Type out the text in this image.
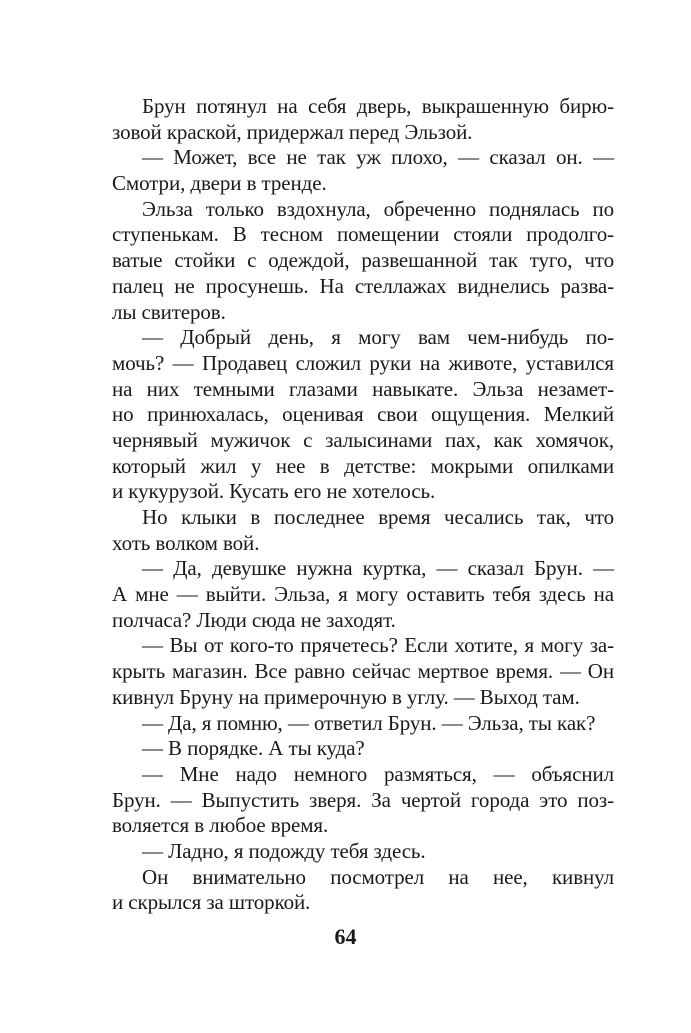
Брун потянул на себя дверь, выкрашенную бирю-
зовой краской, придержал перед Эльзой.
— Может, все не так уж плохо, — сказал он. —
Смотри, двери в тренде.
Эльза только вздохнула, обреченно поднялась по
ступенькам. В тесном помещении стояли продолго-
ватые стойки с одеждой, развешанной так туго, что
палец не просунешь. На стеллажах виднелись разва-
лы свитеров.
— Добрый день, я могу вам чем-нибудь по-
мочь? — Продавец сложил руки на животе, уставился
на них темными глазами навыкате. Эльза незамет-
но принюхалась, оценивая свои ощущения. Мелкий
чернявый мужичок с залысинами пах, как хомячок,
который жил у нее в детстве: мокрыми опилками
и кукурузой. Кусать его не хотелось.
Но клыки в последнее время чесались так, что
хоть волком вой.
— Да, девушке нужна куртка, — сказал Брун. —
А мне — выйти. Эльза, я могу оставить тебя здесь на
полчаса? Люди сюда не заходят.
— Вы от кого-то прячетесь? Если хотите, я могу за-
крыть магазин. Все равно сейчас мертвое время. — Он
кивнул Бруну на примерочную в углу. — Выход там.
— Да, я помню, — ответил Брун. — Эльза, ты как?
— В порядке. А ты куда?
— Мне надо немного размяться, — объяснил
Брун. — Выпустить зверя. За чертой города это поз-
воляется в любое время.
— Ладно, я подожду тебя здесь.
Он внимательно посмотрел на нее, кивнул
и скрылся за шторкой.
64
